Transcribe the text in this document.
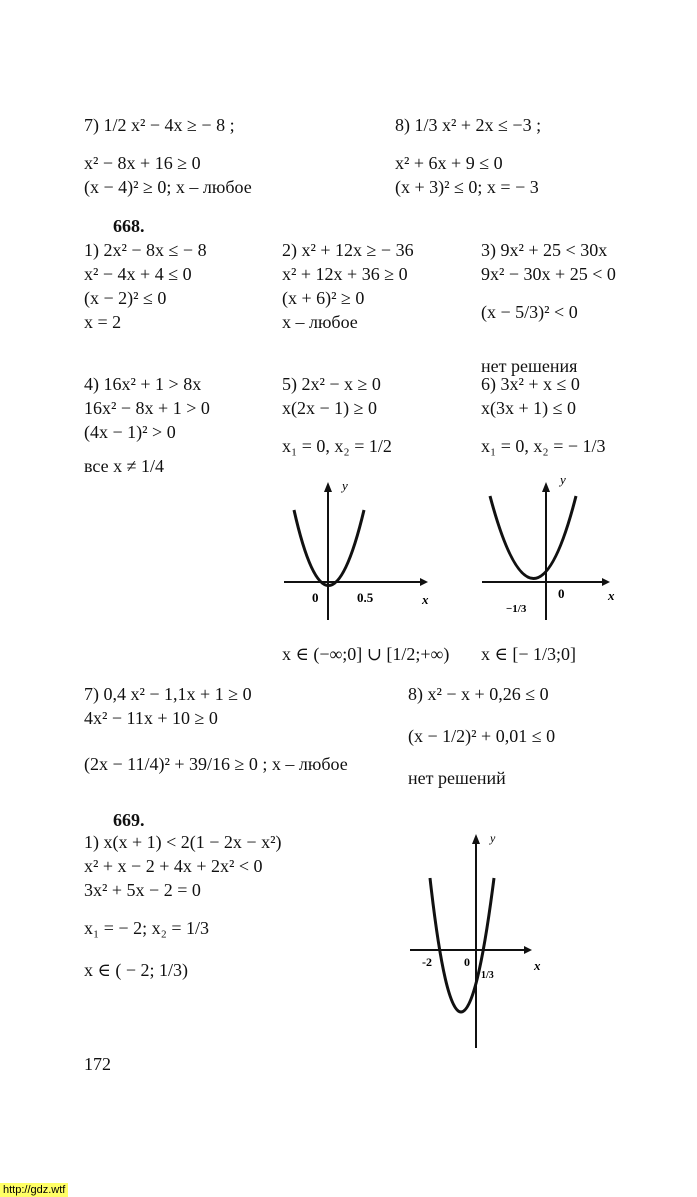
7) 1/2 x² − 4x ≥ − 8 ;
x² − 8x + 16 ≥ 0
(x − 4)² ≥ 0; x – любое
8) 1/3 x² + 2x ≤ −3 ;
x² + 6x + 9 ≤ 0
(x + 3)² ≤ 0; x = − 3
668.
1) 2x² − 8x ≤ − 8
x² − 4x + 4 ≤ 0
(x − 2)² ≤ 0
x = 2
2) x² + 12x ≥ − 36
x² + 12x + 36 ≥ 0
(x + 6)² ≥ 0
x – любое
3) 9x² + 25 < 30x
9x² − 30x + 25 < 0
(x − 5/3)² < 0
нет решения
4) 16x² + 1 > 8x
16x² − 8x + 1 > 0
(4x − 1)² > 0
все x ≠ 1/4
5) 2x² − x ≥ 0
x(2x − 1) ≥ 0
x₁ = 0, x₂ = 1/2
6) 3x² + x ≤ 0
x(3x + 1) ≤ 0
x₁ = 0, x₂ = − 1/3
y
x
0	0.5
y
x
0
−1/3
x ∈ (−∞;0] ∪ [1/2;+∞) x ∈ [− 1/3;0]
7) 0,4 x² − 1,1x + 1 ≥ 0
4x² − 11x + 10 ≥ 0
(2x − 11/4)² + 39/16 ≥ 0 ; x – любое
8) x² − x + 0,26 ≤ 0
(x − 1/2)² + 0,01 ≤ 0
нет решений
669.
1) x(x + 1) < 2(1 − 2x − x²)
x² + x − 2 + 4x + 2x² < 0
3x² + 5x − 2 = 0
x₁ = − 2; x₂ = 1/3
x ∈ ( − 2; 1/3)
y
x
0
-2
1/3
172
http://gdz.wtf
